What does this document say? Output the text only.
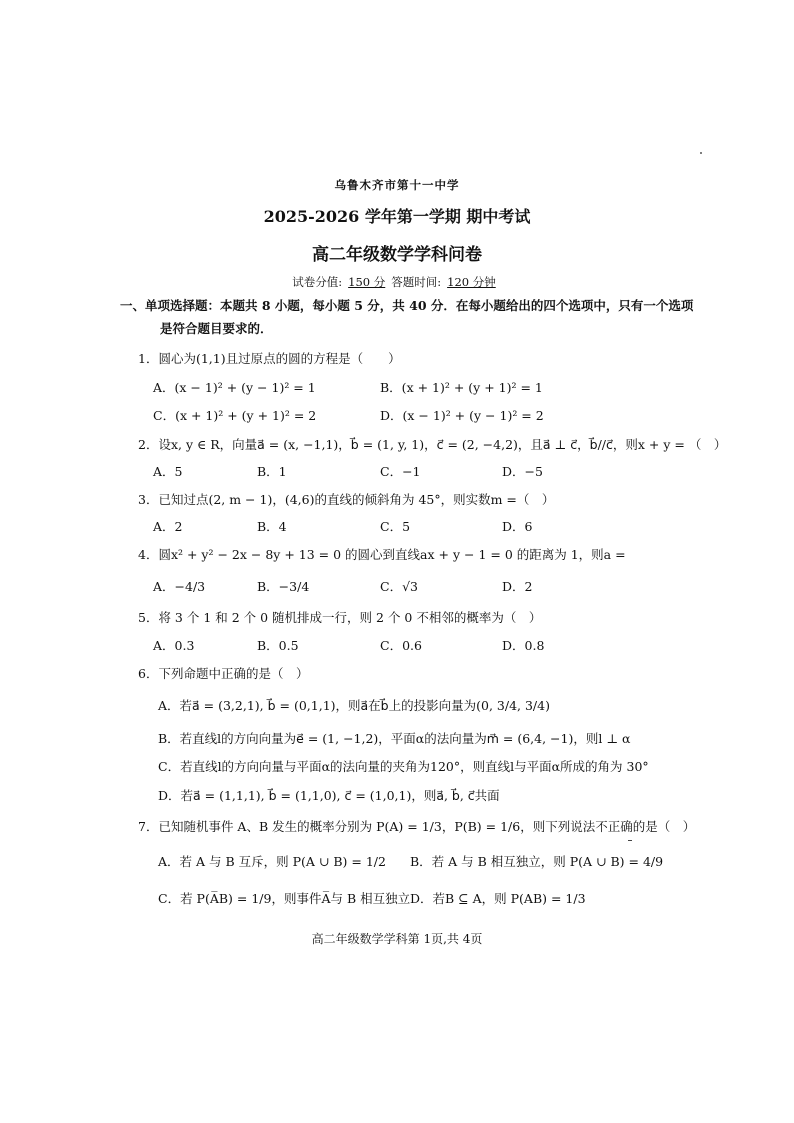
乌鲁木齐市第十一中学
2025-2026 学年第一学期 期中考试
高二年级数学学科问卷
试卷分值: 150 分 答题时间: 120 分钟
一、单项选择题：本题共 8 小题，每小题 5 分，共 40 分．在每小题给出的四个选项中，只有一个选项
是符合题目要求的．
1．圆心为(1,1)且过原点的圆的方程是（　　）
A．(x − 1)² + (y − 1)² = 1	B．(x + 1)² + (y + 1)² = 1
C．(x + 1)² + (y + 1)² = 2	D．(x − 1)² + (y − 1)² = 2
2．设x, y ∈ R，向量a⃗ = (x, −1,1)，b⃗ = (1, y, 1)，c⃗ = (2, −4,2)，且a⃗ ⊥ c⃗，b⃗//c⃗，则x + y = （　）
A．5	B．1	C．−1	D．−5
3．已知过点(2, m − 1)，(4,6)的直线的倾斜角为 45°，则实数m =（　）
A．2	B．4	C．5	D．6
4．圆x² + y² − 2x − 8y + 13 = 0 的圆心到直线ax + y − 1 = 0 的距离为 1，则a =
A．−4/3	B．−3/4	C．√3	D．2
5．将 3 个 1 和 2 个 0 随机排成一行，则 2 个 0 不相邻的概率为（　）
A．0.3	B．0.5	C．0.6	D．0.8
6．下列命题中正确的是（　）
A．若a⃗ = (3,2,1), b⃗ = (0,1,1)，则a⃗在b⃗上的投影向量为(0, 3/4, 3/4)
B．若直线l的方向向量为e⃗ = (1, −1,2)，平面α的法向量为m⃗ = (6,4, −1)，则l ⊥ α
C．若直线l的方向向量与平面α的法向量的夹角为120°，则直线l与平面α所成的角为 30°
D．若a⃗ = (1,1,1), b⃗ = (1,1,0), c⃗ = (1,0,1)，则a⃗, b⃗, c⃗共面
7．已知随机事件 A、B 发生的概率分别为 P(A) = 1/3，P(B) = 1/6，则下列说法不正确的是（　）
A．若 A 与 B 互斥，则 P(A ∪ B) = 1/2 B．若 A 与 B 相互独立，则 P(A ∪ B) = 4/9
C．若 P(A̅B) = 1/9，则事件A̅与 B 相互独立 D．若B ⊆ A，则 P(AB) = 1/3
高二年级数学学科第 1页,共 4页
